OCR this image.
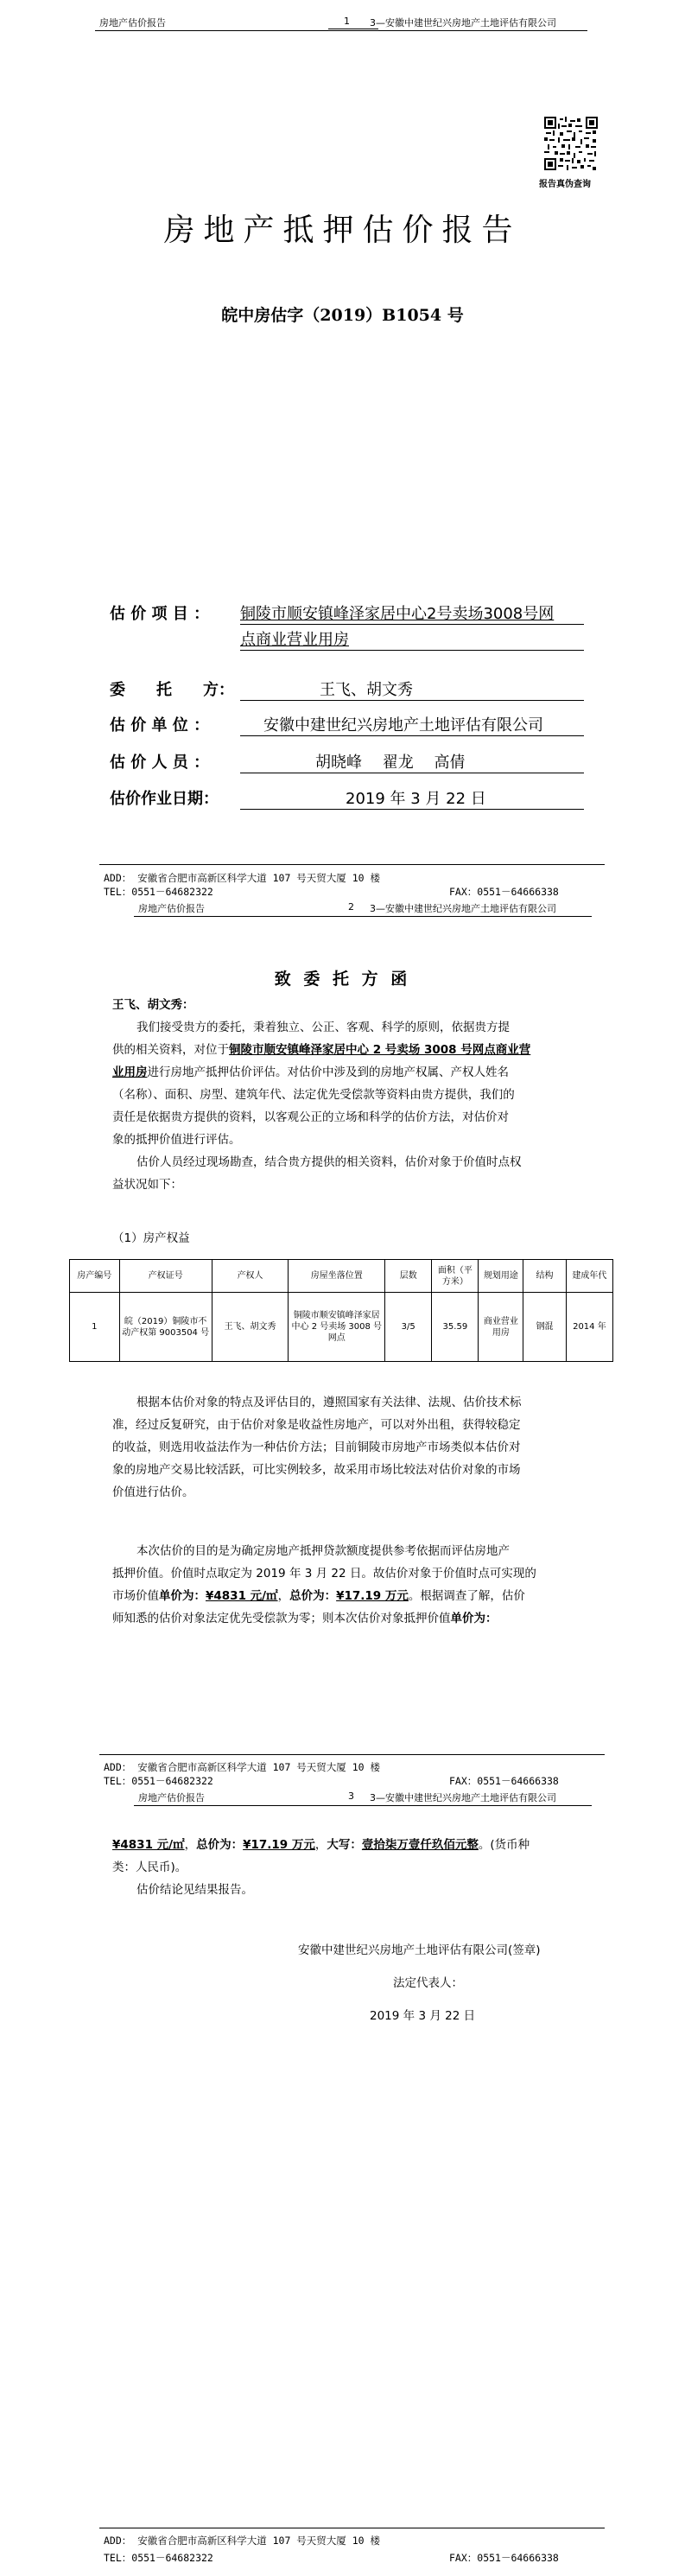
房地产估价报告	1 3—安徽中建世纪兴房地产土地评估有限公司
报告真伪查询
房地产抵押估价报告
皖中房估字（2019）B1054 号
估 价 项 目 ： 铜陵市顺安镇峰泽家居中心2号卖场3008号网
点商业营业用房
委　　托　　方：	王飞、胡文秀
估 价 单 位 ：	安徽中建世纪兴房地产土地评估有限公司
估 价 人 员 ：	胡晓峰　 翟龙　 高倩
估价作业日期：	2019 年 3 月 22 日
ADD： 安徽省合肥市高新区科学大道 107 号天贸大厦 10 楼
TEL：0551－64682322	FAX：0551－64666338
房地产估价报告	2 3—安徽中建世纪兴房地产土地评估有限公司
致 委 托 方 函
王飞、胡文秀：
我们接受贵方的委托，秉着独立、公正、客观、科学的原则，依据贵方提
供的相关资料，对位于铜陵市顺安镇峰泽家居中心 2 号卖场 3008 号网点商业营
业用房进行房地产抵押估价评估。对估价中涉及到的房地产权属、产权人姓名
（名称）、面积、房型、建筑年代、法定优先受偿款等资料由贵方提供，我们的
责任是依据贵方提供的资料，以客观公正的立场和科学的估价方法，对估价对
象的抵押价值进行评估。
估价人员经过现场勘查，结合贵方提供的相关资料，估价对象于价值时点权
益状况如下：
（1）房产权益
房产编号	产权证号	产权人	房屋坐落位置	层数	面积（平方米）	规划用途	结构	建成年代
1	皖（2019）铜陵市不动产权第 9003504 号	王飞、胡文秀	铜陵市顺安镇峰泽家居中心 2 号卖场 3008 号网点	3/5	35.59	商业营业用房	钢混	2014 年
根据本估价对象的特点及评估目的，遵照国家有关法律、法规、估价技术标
准，经过反复研究，由于估价对象是收益性房地产，可以对外出租，获得较稳定
的收益，则选用收益法作为一种估价方法；目前铜陵市房地产市场类似本估价对
象的房地产交易比较活跃，可比实例较多，故采用市场比较法对估价对象的市场
价值进行估价。
本次估价的目的是为确定房地产抵押贷款额度提供参考依据而评估房地产
抵押价值。价值时点取定为 2019 年 3 月 22 日。故估价对象于价值时点可实现的
市场价值单价为：¥4831 元/㎡，总价为：¥17.19 万元。根据调查了解，估价
师知悉的估价对象法定优先受偿款为零；则本次估价对象抵押价值单价为：
ADD： 安徽省合肥市高新区科学大道 107 号天贸大厦 10 楼
TEL：0551－64682322	FAX：0551－64666338
房地产估价报告	3 3—安徽中建世纪兴房地产土地评估有限公司
¥4831 元/㎡，总价为：¥17.19 万元，大写：壹拾柒万壹仟玖佰元整。(货币种
类：人民币)。
估价结论见结果报告。
安徽中建世纪兴房地产土地评估有限公司(签章)
法定代表人：
2019 年 3 月 22 日
ADD： 安徽省合肥市高新区科学大道 107 号天贸大厦 10 楼
TEL：0551－64682322	FAX：0551－64666338
